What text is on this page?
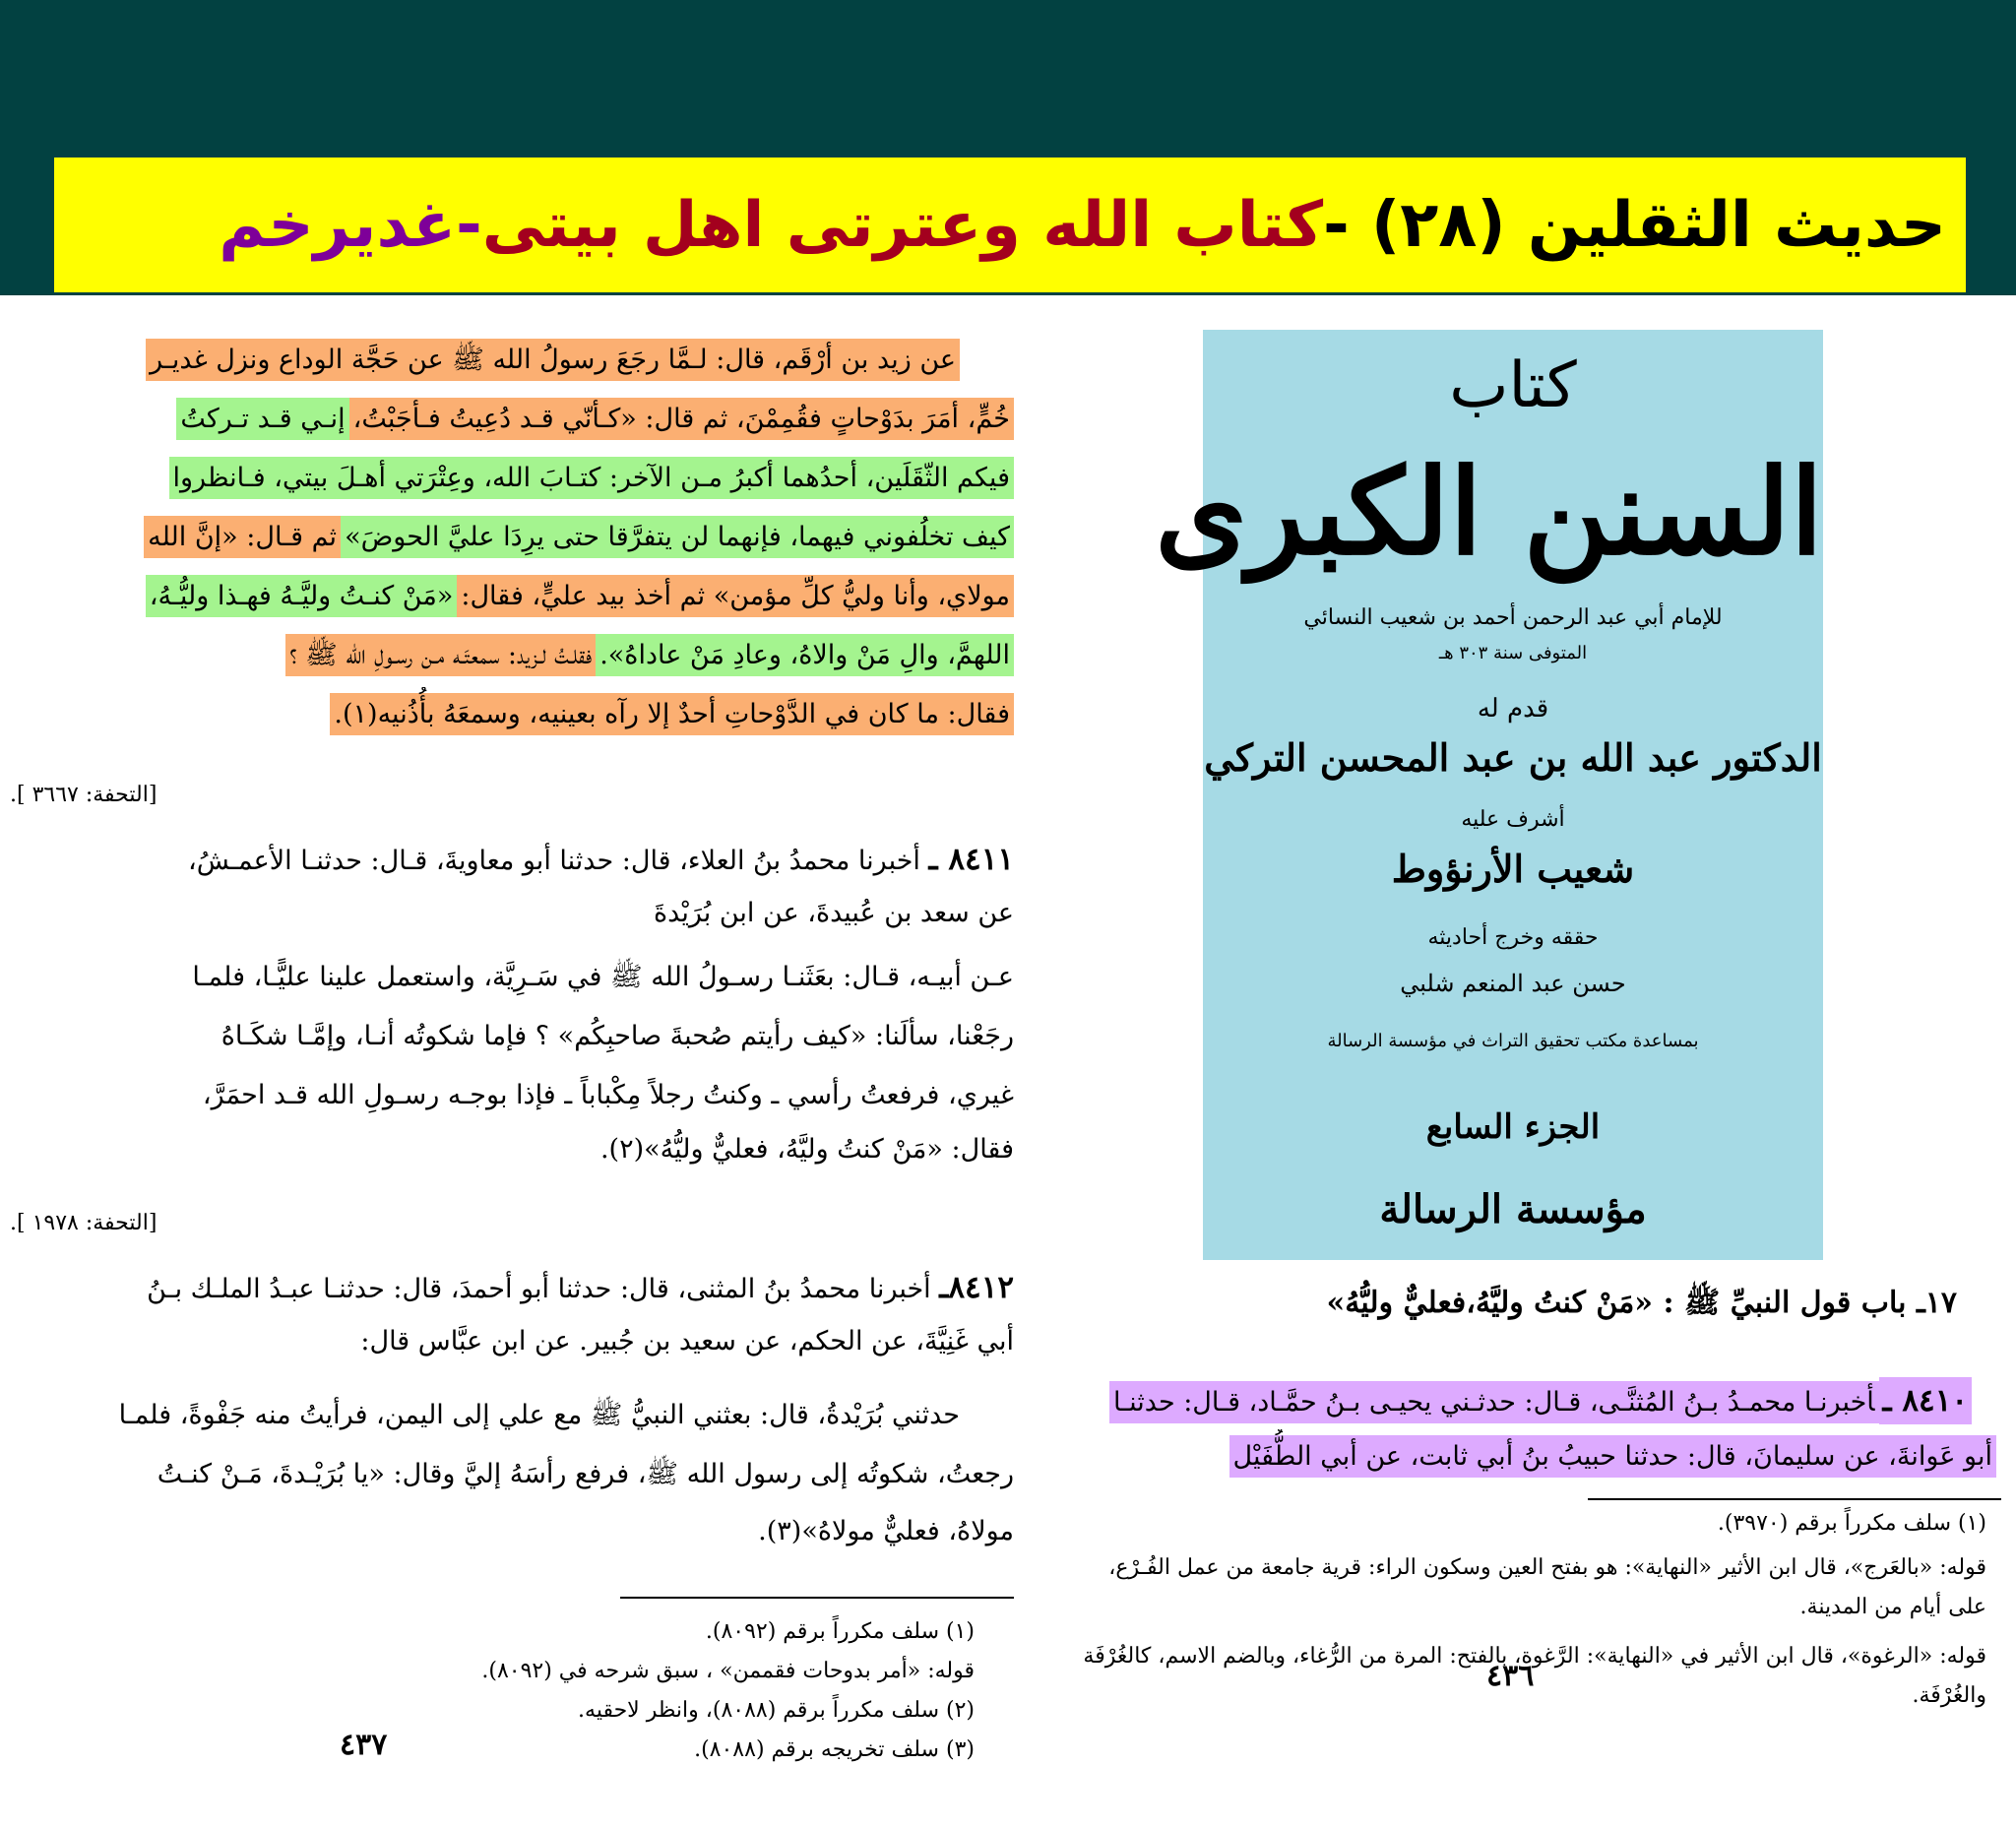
حديث الثقلين (٢٨) -
كتاب الله وعترتى اهل بيتى
-غديرخم
عن زيد بن أرْقَم، قال: لـمَّا رجَعَ رسولُ الله ﷺ عن حَجَّة الوداع ونزل غديـر
خُمٍّ، أمَرَ بدَوْحاتٍ فقُمِمْنَ، ثم قال: «كـأنّي قـد دُعِيتُ فـأجَبْتُ،إنـي قـد تـركتُ
فيكم الثّقَلَين، أحدُهما أكبرُ مـن الآخر: كتـابَ الله، وعِتْرَتي أهـلَ بيتي، فـانظروا
كيف تخلُفوني فيهما، فإنهما لن يتفرَّقا حتى يرِدَا عليَّ الحوضَ»ثم قـال: «إنَّ الله
مولاي، وأنا وليُّ كلِّ مؤمن» ثم أخذ بيد عليٍّ، فقال:«مَنْ كنـتُ وليَّـهُ فهـذا وليُّـهُ،
اللهمَّ، والِ مَنْ والاهُ، وعادِ مَنْ عاداهُ».فقلـتُ لـزيد: سمعتَـه مـن رسـولِ الله ﷺ ؟
فقال: ما كان في الدَّوْحاتِ أحدٌ إلا رآه بعينيه، وسمعَهُ بأُذُنيه(١).
[التحفة: ٣٦٦٧ ].
٨٤١١ ـ أخبرنا محمدُ بنُ العلاء، قال: حدثنا أبو معاويةَ، قـال: حدثنـا الأعمـشُ،
عن سعد بن عُبيدةَ، عن ابن بُرَيْدةَ
عـن أبيـه، قـال: بعَثَنـا رسـولُ الله ﷺ في سَـرِيَّة، واستعمل علينا عليًّـا، فلمـا
رجَعْنا، سألَنا: «كيف رأيتم صُحبةَ صاحبِكُم» ؟ فإما شكوتُه أنـا، وإمَّـا شكَـاهُ
غيري، فرفعتُ رأسي ـ وكنتُ رجلاً مِكْباباً ـ فإذا بوجـه رسـولِ الله قـد احمَرَّ،
فقال: «مَنْ كنتُ وليَّهُ، فعليٌّ وليُّهُ»(٢).
[التحفة: ١٩٧٨ ].
٨٤١٢ـ أخبرنا محمدُ بنُ المثنى، قال: حدثنا أبو أحمدَ، قال: حدثنـا عبـدُ الملـك بـنُ
أبي غَنِيَّةَ، عن الحكم، عن سعيد بن جُبير. عن ابن عبَّاس قال:
حدثني بُرَيْدةُ، قال: بعثني النبيُّ ﷺ مع علي إلى اليمن، فرأيتُ منه جَفْوةً، فلمـا
رجعتُ، شكوتُه إلى رسول الله ﷺ، فرفع رأسَهُ إليَّ وقال: «يا بُرَيْـدةَ، مَـنْ كنـتُ
مولاهُ، فعليٌّ مولاهُ»(٣).
(١) سلف مكرراً برقم (٨٠٩٢).
قوله: «أمر بدوحات فقممن» ، سبق شرحه في (٨٠٩٢).
(٢) سلف مكرراً برقم (٨٠٨٨)، وانظر لاحقيه.
(٣) سلف تخريجه برقم (٨٠٨٨).
٤٣٧
كتاب
السنن الكبرى
للإمام أبي عبد الرحمن أحمد بن شعيب النسائي
المتوفى سنة ٣٠٣ هـ
قدم له
الدكتور عبد الله بن عبد المحسن التركي
أشرف عليه
شعيب الأرنؤوط
حققه وخرج أحاديثه
حسن عبد المنعم شلبي
بمساعدة مكتب تحقيق التراث في مؤسسة الرسالة
الجزء السابع
مؤسسة الرسالة
١٧ـ باب قول النبيِّ ﷺ : «مَنْ كنتُ وليَّهُ،فعليٌّ وليُّهُ»
٨٤١٠ ـأخبرنـا محمـدُ بـنُ المُثنَّـى، قـال: حدثـني يحيـى بـنُ حمَّـاد، قـال: حدثنـا
أبو عَوانةَ، عن سليمانَ، قال: حدثنا حبيبُ بنُ أبي ثابت، عن أبي الطُّفَيْل
(١) سلف مكرراً برقم (٣٩٧٠).
قوله: «بالعَرج»، قال ابن الأثير «النهاية»: هو بفتح العين وسكون الراء: قرية جامعة من عمل الفُـرْع،
على أيام من المدينة.
قوله: «الرغوة»، قال ابن الأثير في «النهاية»: الرَّغوة، بالفتح: المرة من الرُّغاء، وبالضم الاسم، كالغُرْفَة
والغُرْفَة.
٤٣٦
